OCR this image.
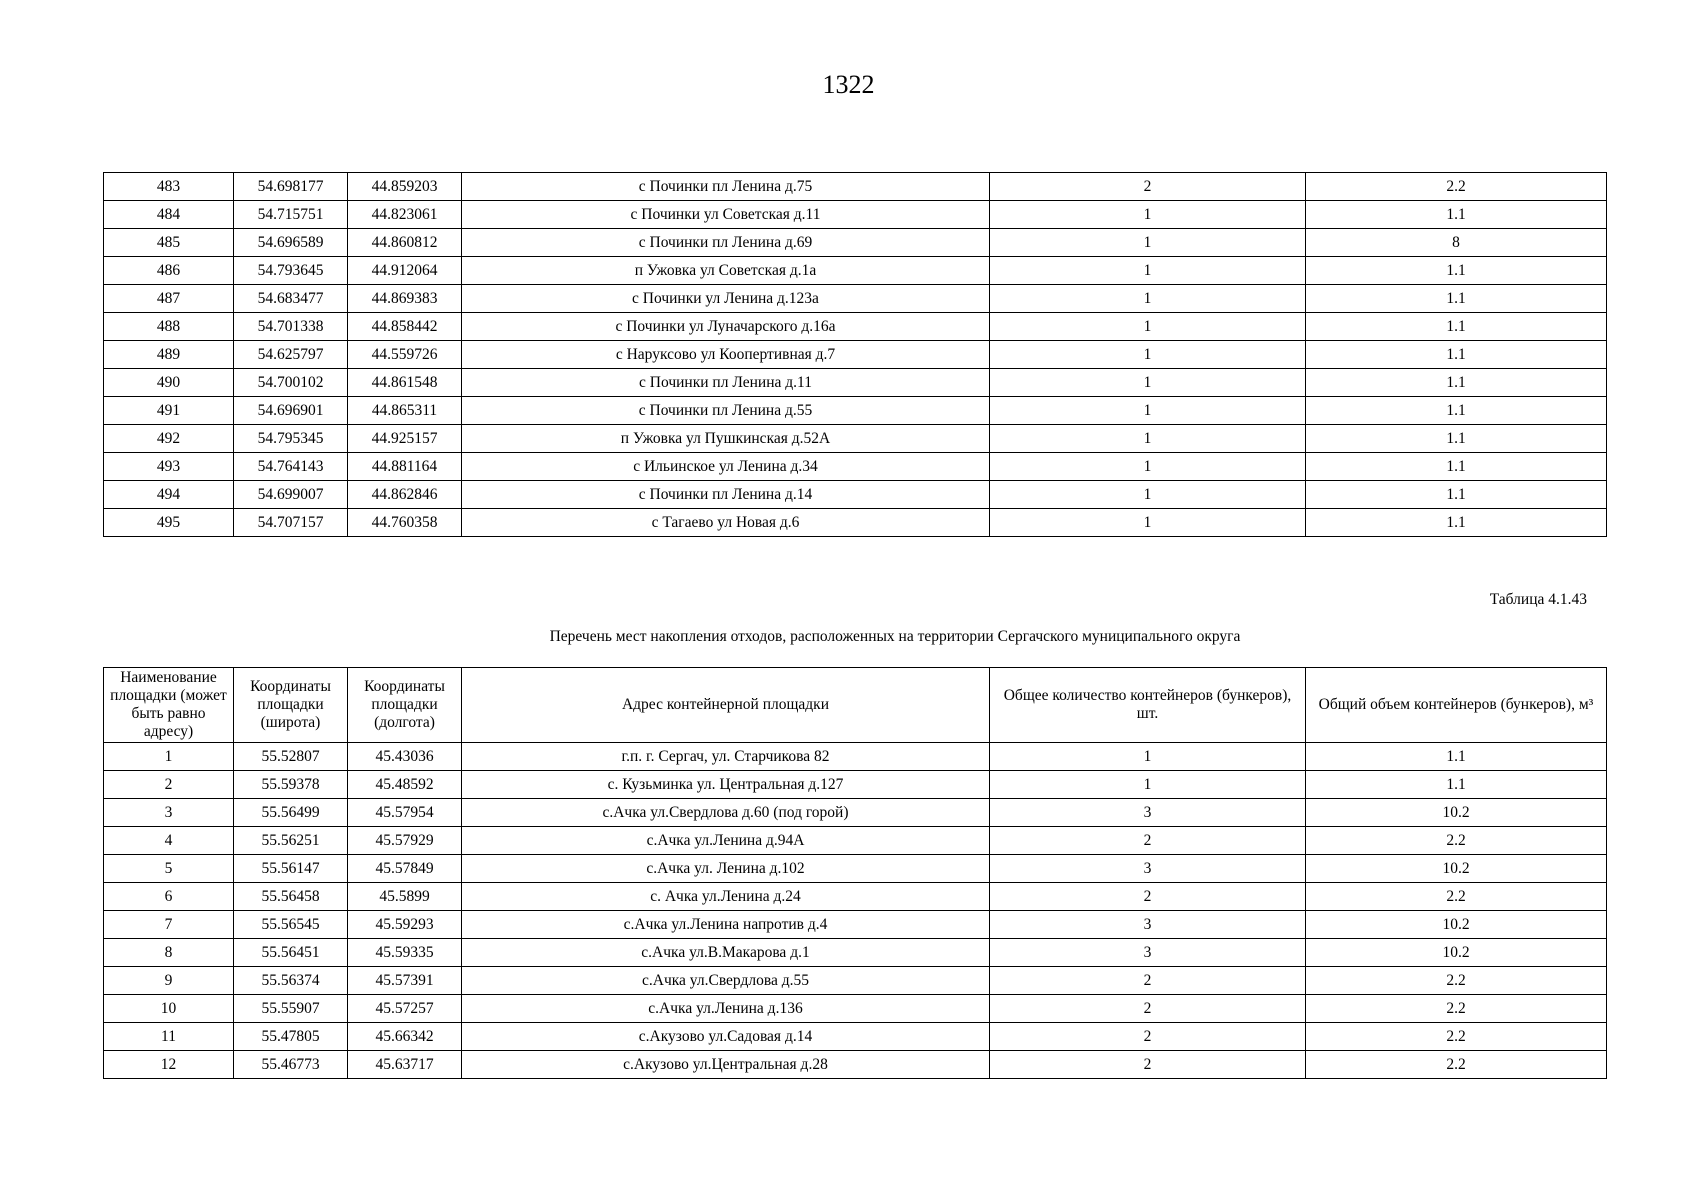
1322
483	54.698177	44.859203	с Починки пл Ленина д.75	2	2.2
484	54.715751	44.823061	с Починки ул Советская д.11	1	1.1
485	54.696589	44.860812	с Починки пл Ленина д.69	1	8
486	54.793645	44.912064	п Ужовка ул Советская д.1а	1	1.1
487	54.683477	44.869383	с Починки ул Ленина д.123а	1	1.1
488	54.701338	44.858442	с Починки ул Луначарского д.16а	1	1.1
489	54.625797	44.559726	с Наруксово ул Коопертивная д.7	1	1.1
490	54.700102	44.861548	с Починки пл Ленина д.11	1	1.1
491	54.696901	44.865311	с Починки пл Ленина д.55	1	1.1
492	54.795345	44.925157	п Ужовка ул Пушкинская д.52А	1	1.1
493	54.764143	44.881164	с Ильинское ул Ленина д.34	1	1.1
494	54.699007	44.862846	с Починки пл Ленина д.14	1	1.1
495	54.707157	44.760358	с Тагаево ул Новая д.6	1	1.1
Таблица 4.1.43
Перечень мест накопления отходов, расположенных на территории Сергачского муниципального округа
Наименование площадки (может быть равно адресу)	Координаты площадки (широта)	Координаты площадки (долгота)	Адрес контейнерной площадки	Общее количество контейнеров (бункеров), шт.	Общий объем контейнеров (бункеров), м³
1	55.52807	45.43036	г.п. г. Сергач, ул. Старчикова 82	1	1.1
2	55.59378	45.48592	с. Кузьминка ул. Центральная д.127	1	1.1
3	55.56499	45.57954	с.Ачка ул.Свердлова д.60 (под горой)	3	10.2
4	55.56251	45.57929	с.Ачка ул.Ленина д.94А	2	2.2
5	55.56147	45.57849	с.Ачка ул. Ленина д.102	3	10.2
6	55.56458	45.5899	с. Ачка ул.Ленина д.24	2	2.2
7	55.56545	45.59293	с.Ачка ул.Ленина напротив д.4	3	10.2
8	55.56451	45.59335	с.Ачка ул.В.Макарова д.1	3	10.2
9	55.56374	45.57391	с.Ачка ул.Свердлова д.55	2	2.2
10	55.55907	45.57257	с.Ачка ул.Ленина д.136	2	2.2
11	55.47805	45.66342	с.Акузово ул.Садовая д.14	2	2.2
12	55.46773	45.63717	с.Акузово ул.Центральная д.28	2	2.2
